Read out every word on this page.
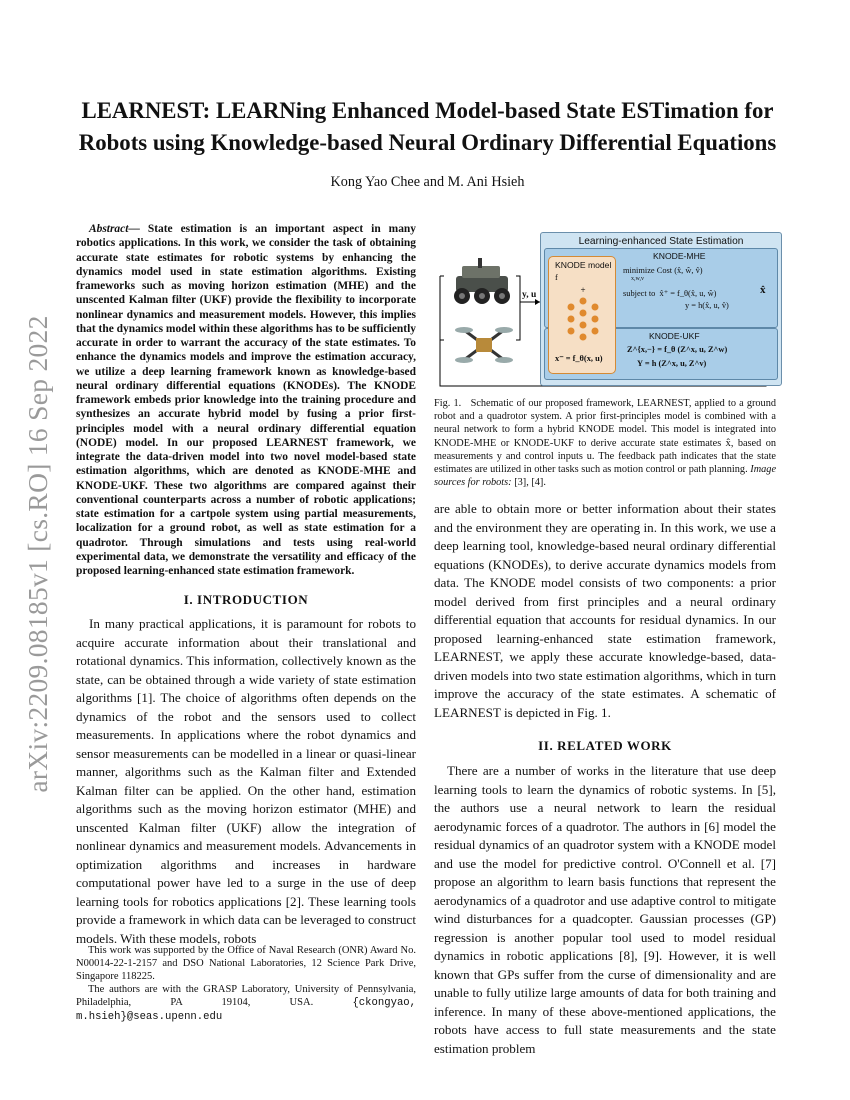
arXiv:2209.08185v1 [cs.RO] 16 Sep 2022
LEARNEST: LEARNing Enhanced Model-based State ESTimation for Robots using Knowledge-based Neural Ordinary Differential Equations
Kong Yao Chee and M. Ani Hsieh

Abstract— State estimation is an important aspect in many robotics applications. In this work, we consider the task of obtaining accurate state estimates for robotic systems by enhancing the dynamics model used in state estimation algorithms. Existing frameworks such as moving horizon estimation (MHE) and the unscented Kalman filter (UKF) provide the flexibility to incorporate nonlinear dynamics and measurement models. However, this implies that the dynamics model within these algorithms has to be sufficiently accurate in order to warrant the accuracy of the state estimates. To enhance the dynamics models and improve the estimation accuracy, we utilize a deep learning framework known as knowledge-based neural ordinary differential equations (KNODEs). The KNODE framework embeds prior knowledge into the training procedure and synthesizes an accurate hybrid model by fusing a prior first-principles model with a neural ordinary differential equation (NODE) model. In our proposed LEARNEST framework, we integrate the data-driven model into two novel model-based state estimation algorithms, which are denoted as KNODE-MHE and KNODE-UKF. These two algorithms are compared against their conventional counterparts across a number of robotic applications; state estimation for a cartpole system using partial measurements, localization for a ground robot, as well as state estimation for a quadrotor. Through simulations and tests using real-world experimental data, we demonstrate the versatility and efficacy of the proposed learning-enhanced state estimation framework.

I. INTRODUCTION

In many practical applications, it is paramount for robots to acquire accurate information about their translational and rotational dynamics. This information, collectively known as the state, can be obtained through a wide variety of state estimation algorithms [1]. The choice of algorithms often depends on the dynamics of the robot and the sensors used to collect measurements. In applications where the robot dynamics and sensor measurements can be modelled in a linear or quasi-linear manner, algorithms such as the Kalman filter and Extended Kalman filter can be applied. On the other hand, estimation algorithms such as the moving horizon estimator (MHE) and unscented Kalman filter (UKF) allow the integration of nonlinear dynamics and measurement models. Advancements in optimization algorithms and increases in hardware computational power have led to a surge in the use of deep learning tools for robotics applications [2]. These learning tools provide a framework in which data can be leveraged to construct models. With these models, robots

This work was supported by the Office of Naval Research (ONR) Award No. N00014-22-1-2157 and DSO National Laboratories, 12 Science Park Drive, Singapore 118225.

The authors are with the GRASP Laboratory, University of Pennsylvania, Philadelphia, PA 19104, USA.	{ckongyao, m.hsieh}@seas.upenn.edu

Learning-enhanced State Estimation
KNODE-MHE
minimize Cost (x̂, ŵ, v̂)
x,w,v
subject to x̂⁺ = f_θ(x̂, u, ŵ)
y = h(x̂, u, v̂)
KNODE-UKF
Z^{x,−} = f_θ (Z^x, u, Z^w)
Y = h (Z^x, u, Z^v)
KNODE model
f
+
x⁻ = f_θ(x, u)
y, u	x̂
Fig. 1. Schematic of our proposed framework, LEARNEST, applied to a ground robot and a quadrotor system. A prior first-principles model is combined with a neural network to form a hybrid KNODE model. This model is integrated into KNODE-MHE or KNODE-UKF to derive accurate state estimates x̂, based on measurements y and control inputs u. The feedback path indicates that the state estimates are utilized in other tasks such as motion control or path planning. Image sources for robots: [3], [4].

are able to obtain more or better information about their states and the environment they are operating in. In this work, we use a deep learning tool, knowledge-based neural ordinary differential equations (KNODEs), to derive accurate dynamics models from data. The KNODE model consists of two components: a prior model derived from first principles and a neural ordinary differential equation that accounts for residual dynamics. In our proposed learning-enhanced state estimation framework, LEARNEST, we apply these accurate knowledge-based, data-driven models into two state estimation algorithms, which in turn improve the accuracy of the state estimates. A schematic of LEARNEST is depicted in Fig. 1.

II. RELATED WORK

There are a number of works in the literature that use deep learning tools to learn the dynamics of robotic systems. In [5], the authors use a neural network to learn the residual aerodynamic forces of a quadrotor. The authors in [6] model the residual dynamics of an quadrotor system with a KNODE model and use the model for predictive control. O'Connell et al. [7] propose an algorithm to learn basis functions that represent the aerodynamics of a quadrotor and use adaptive control to mitigate wind disturbances for a quadcopter. Gaussian processes (GP) regression is another popular tool used to model residual dynamics in robotic applications [8], [9]. However, it is well known that GPs suffer from the curse of dimensionality and are unable to fully utilize large amounts of data for both training and inference. In many of these above-mentioned applications, the robots have access to full state measurements and the state estimation problem
